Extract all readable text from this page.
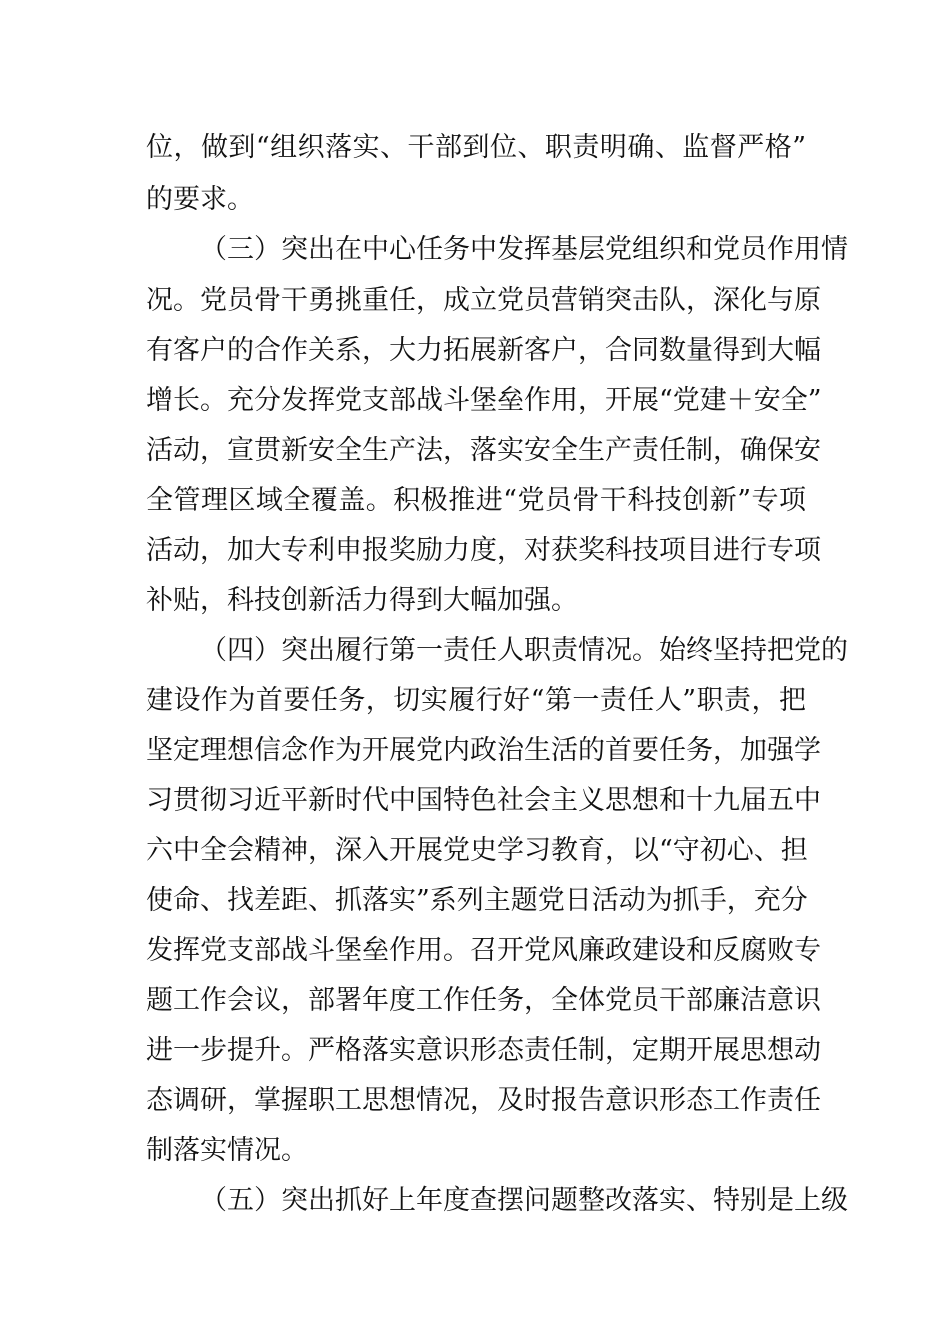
位，做到“组织落实、干部到位、职责明确、监督严格”
的要求。
（三）突出在中心任务中发挥基层党组织和党员作用情
况。党员骨干勇挑重任，成立党员营销突击队，深化与原
有客户的合作关系，大力拓展新客户，合同数量得到大幅
增长。充分发挥党支部战斗堡垒作用，开展“党建＋安全”
活动，宣贯新安全生产法，落实安全生产责任制，确保安
全管理区域全覆盖。积极推进“党员骨干科技创新”专项
活动，加大专利申报奖励力度，对获奖科技项目进行专项
补贴，科技创新活力得到大幅加强。
（四）突出履行第一责任人职责情况。始终坚持把党的
建设作为首要任务，切实履行好“第一责任人”职责，把
坚定理想信念作为开展党内政治生活的首要任务，加强学
习贯彻习近平新时代中国特色社会主义思想和十九届五中
六中全会精神，深入开展党史学习教育，以“守初心、担
使命、找差距、抓落实”系列主题党日活动为抓手，充分
发挥党支部战斗堡垒作用。召开党风廉政建设和反腐败专
题工作会议，部署年度工作任务，全体党员干部廉洁意识
进一步提升。严格落实意识形态责任制，定期开展思想动
态调研，掌握职工思想情况，及时报告意识形态工作责任
制落实情况。
（五）突出抓好上年度查摆问题整改落实、特别是上级
